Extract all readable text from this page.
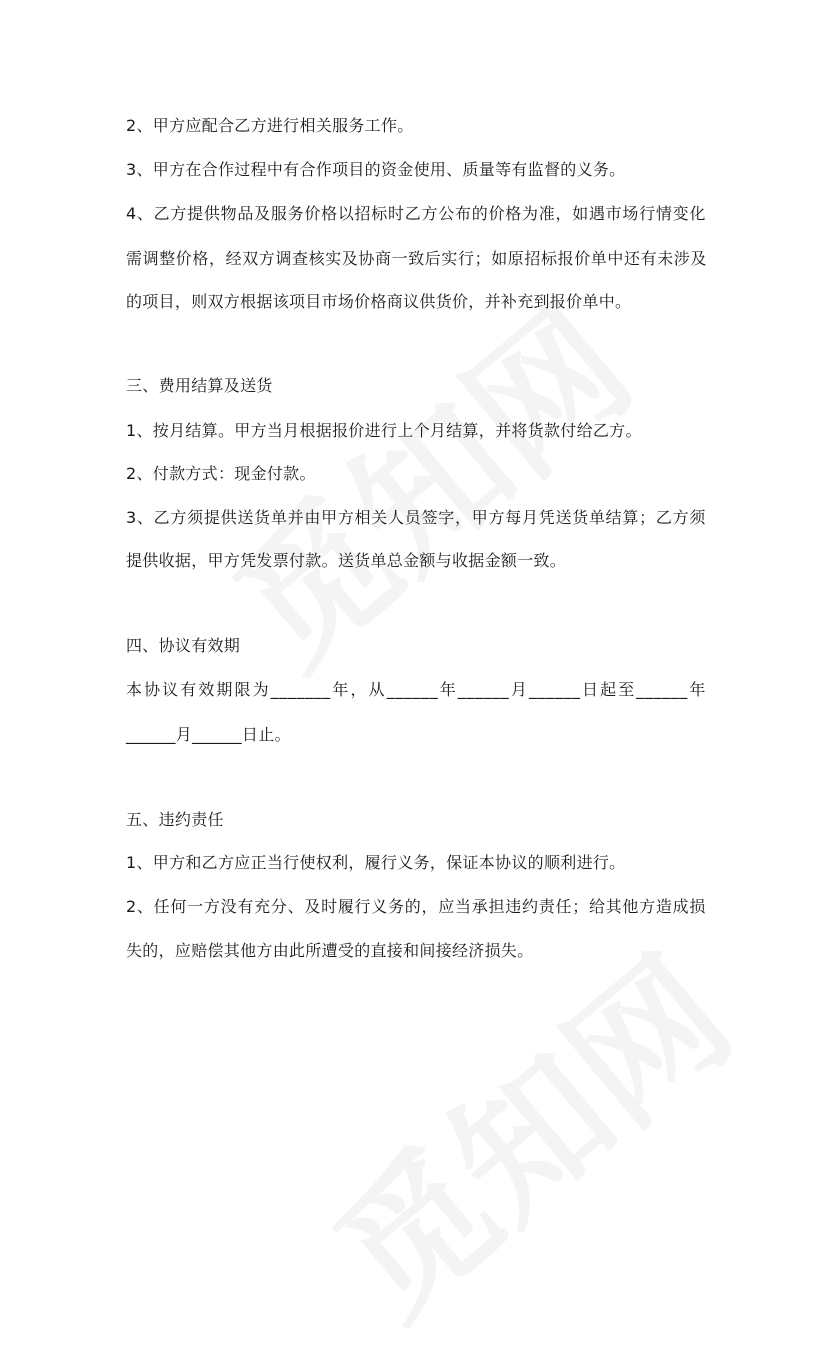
2、甲方应配合乙方进行相关服务工作。
3、甲方在合作过程中有合作项目的资金使用、质量等有监督的义务。
4、乙方提供物品及服务价格以招标时乙方公布的价格为准，如遇市场行情变化
需调整价格，经双方调查核实及协商一致后实行；如原招标报价单中还有未涉及
的项目，则双方根据该项目市场价格商议供货价，并补充到报价单中。
三、费用结算及送货
1、按月结算。甲方当月根据报价进行上个月结算，并将货款付给乙方。
2、付款方式：现金付款。
3、乙方须提供送货单并由甲方相关人员签字，甲方每月凭送货单结算；乙方须
提供收据，甲方凭发票付款。送货单总金额与收据金额一致。
四、协议有效期
本协议有效期限为_______年，从______年______月______日起至______年
______月______日止。
五、违约责任
1、甲方和乙方应正当行使权利，履行义务，保证本协议的顺利进行。
2、任何一方没有充分、及时履行义务的，应当承担违约责任；给其他方造成损
失的，应赔偿其他方由此所遭受的直接和间接经济损失。
